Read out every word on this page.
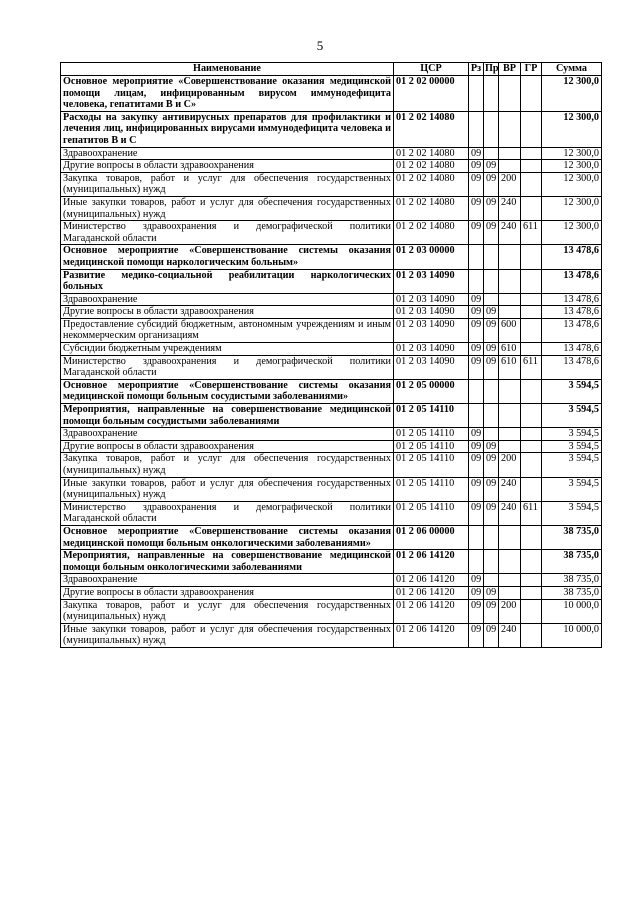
5
Наименование	ЦСР	Рз	Пр	ВР	ГР	Сумма
Основное мероприятие «Совершенствование оказания медицинской помощи лицам, инфицированным вирусом иммунодефицита человека, гепатитами В и С»	01 2 02 00000					12 300,0
Расходы на закупку антивирусных препаратов для профилактики и лечения лиц, инфицированных вирусами иммунодефицита человека и гепатитов В и С	01 2 02 14080					12 300,0
Здравоохранение	01 2 02 14080	09				12 300,0
Другие вопросы в области здравоохранения	01 2 02 14080	09	09			12 300,0
Закупка товаров, работ и услуг для обеспечения государственных (муниципальных) нужд	01 2 02 14080	09	09	200		12 300,0
Иные закупки товаров, работ и услуг для обеспечения государственных (муниципальных) нужд	01 2 02 14080	09	09	240		12 300,0
Министерство здравоохранения и демографической политики Магаданской области	01 2 02 14080	09	09	240	611	12 300,0
Основное мероприятие «Совершенствование системы оказания медицинской помощи наркологическим больным»	01 2 03 00000					13 478,6
Развитие медико-социальной реабилитации наркологических больных	01 2 03 14090					13 478,6
Здравоохранение	01 2 03 14090	09				13 478,6
Другие вопросы в области здравоохранения	01 2 03 14090	09	09			13 478,6
Предоставление субсидий бюджетным, автономным учреждениям и иным некоммерческим организациям	01 2 03 14090	09	09	600		13 478,6
Субсидии бюджетным учреждениям	01 2 03 14090	09	09	610		13 478,6
Министерство здравоохранения и демографической политики Магаданской области	01 2 03 14090	09	09	610	611	13 478,6
Основное мероприятие «Совершенствование системы оказания медицинской помощи больным сосудистыми заболеваниями»	01 2 05 00000					3 594,5
Мероприятия, направленные на совершенствование медицинской помощи больным сосудистыми заболеваниями	01 2 05 14110					3 594,5
Здравоохранение	01 2 05 14110	09				3 594,5
Другие вопросы в области здравоохранения	01 2 05 14110	09	09			3 594,5
Закупка товаров, работ и услуг для обеспечения государственных (муниципальных) нужд	01 2 05 14110	09	09	200		3 594,5
Иные закупки товаров, работ и услуг для обеспечения государственных (муниципальных) нужд	01 2 05 14110	09	09	240		3 594,5
Министерство здравоохранения и демографической политики Магаданской области	01 2 05 14110	09	09	240	611	3 594,5
Основное мероприятие «Совершенствование системы оказания медицинской помощи больным онкологическими заболеваниями»	01 2 06 00000					38 735,0
Мероприятия, направленные на совершенствование медицинской помощи больным онкологическими заболеваниями	01 2 06 14120					38 735,0
Здравоохранение	01 2 06 14120	09				38 735,0
Другие вопросы в области здравоохранения	01 2 06 14120	09	09			38 735,0
Закупка товаров, работ и услуг для обеспечения государственных (муниципальных) нужд	01 2 06 14120	09	09	200		10 000,0
Иные закупки товаров, работ и услуг для обеспечения государственных (муниципальных) нужд	01 2 06 14120	09	09	240		10 000,0
